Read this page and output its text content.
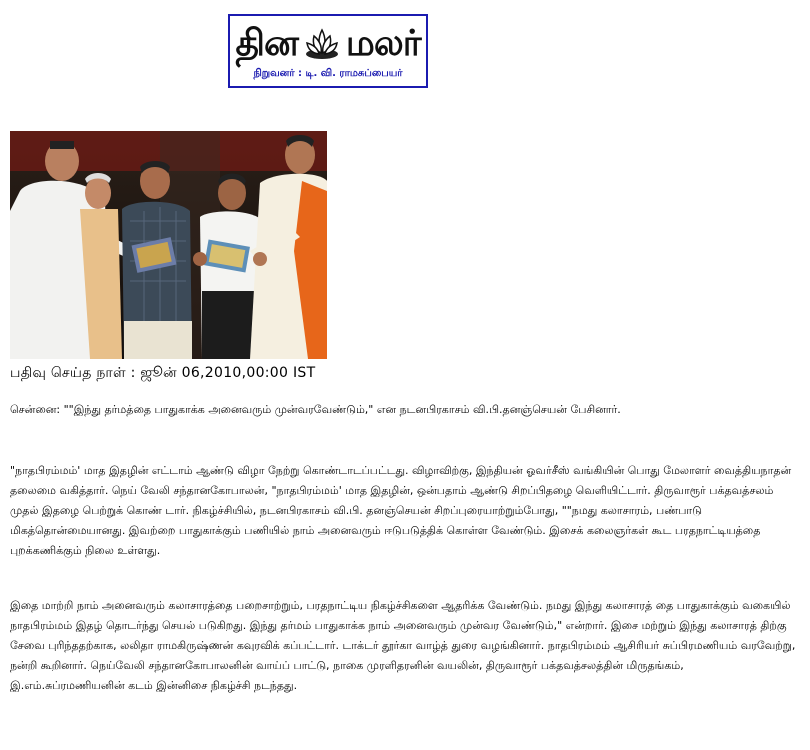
தின மலர்
நிறுவனர் : டி. வி. ராமசுப்பையர்
பதிவு செய்த நாள் : ஜூன் 06,2010,00:00 IST

சென்னை: ""இந்து தர்மத்தை பாதுகாக்க அனைவரும் முன்வரவேண்டும்," என நடனபிரகாசம் வி.பி.தனஞ்செயன் பேசினார்.

"நாதபிரம்மம்' மாத இதழின் எட்டாம் ஆண்டு விழா நேற்று கொண்டாடப்பட்டது. விழாவிற்கு, இந்தியன் ஓவர்சீஸ் வங்கியின் பொது மேலாளர் வைத்தியநாதன் தலைமை வகித்தார். நெய் வேலி சந்தானகோபாலன், "நாதபிரம்மம்' மாத இதழின், ஒன்பதாம் ஆண்டு சிறப்பிதழை வெளியிட்டார். திருவாரூர் பக்தவத்சலம் முதல் இதழை பெற்றுக் கொண் டார். நிகழ்ச்சியில், நடனபிரகாசம் வி.பி. தனஞ்செயன் சிறப்புரையாற்றும்போது, ""நமது கலாசாரம், பண்பாடு மிகத்தொன்மையானது. இவற்றை பாதுகாக்கும் பணியில் நாம் அனைவரும் ஈடுபடுத்திக் கொள்ள வேண்டும். இசைக் கலைஞர்கள் கூட பரதநாட்டியத்தை புறக்கணிக்கும் நிலை உள்ளது.

இதை மாற்றி நாம் அனைவரும் கலாசாரத்தை பறைசாற்றும், பரதநாட்டிய நிகழ்ச்சிகளை ஆதரிக்க வேண்டும். நமது இந்து கலாசாரத் தை பாதுகாக்கும் வகையில் நாதபிரம்மம் இதழ் தொடர்ந்து செயல் படுகிறது. இந்து தர்மம் பாதுகாக்க நாம் அனைவரும் முன்வர வேண்டும்," என்றார். இசை மற்றும் இந்து கலாசாரத் திற்கு சேவை புரிந்ததற்காக, லலிதா ராமகிருஷ்ணன் கவுரவிக் கப்பட்டார். டாக்டர் தூர்கா வாழ்த் துரை வழங்கினார். நாதபிரம்மம் ஆசிரியர் சுப்பிரமணியம் வரவேற்று, நன்றி கூறினார். நெய்வேலி சந்தானகோபாலனின் வாய்ப் பாட்டு, நாகை முரளிதரனின் வயலின், திருவாரூர் பக்தவத்சலத்தின் மிருதங்கம், இ.எம்.சுப்ரமணியனின் கடம் இன்னிசை நிகழ்ச்சி நடந்தது.
